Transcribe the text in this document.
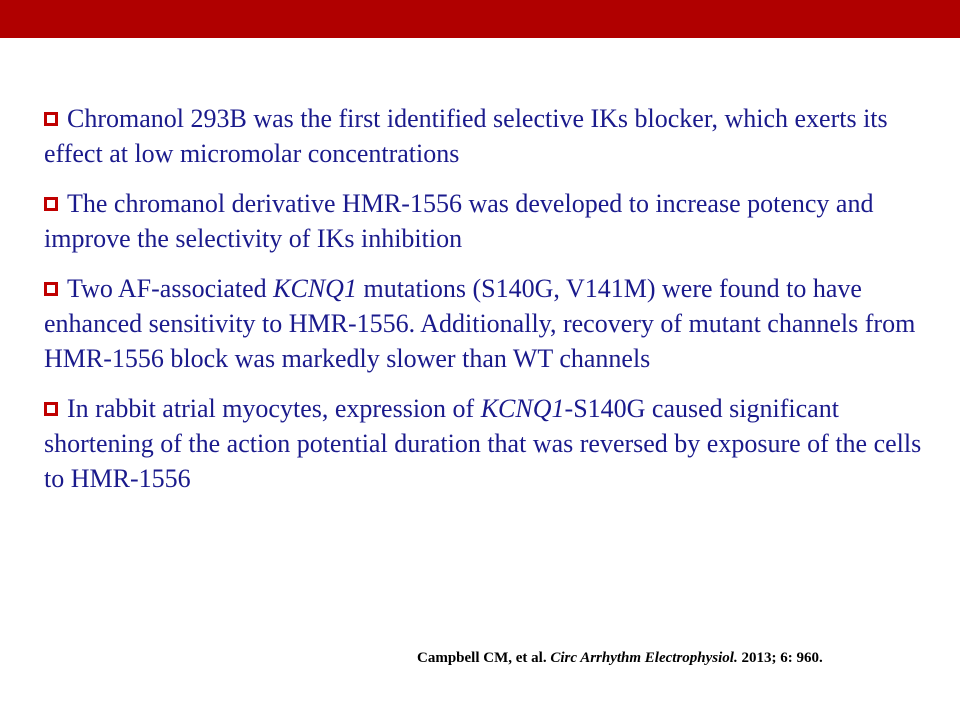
Chromanol 293B was the first identified selective IKs blocker, which exerts its effect at low micromolar concentrations
The chromanol derivative HMR-1556 was developed to increase potency and improve the selectivity of IKs inhibition
Two AF-associated KCNQ1 mutations (S140G, V141M) were found to have enhanced sensitivity to HMR-1556. Additionally, recovery of mutant channels from HMR-1556 block was markedly slower than WT channels
In rabbit atrial myocytes, expression of KCNQ1-S140G caused significant shortening of the action potential duration that was reversed by exposure of the cells to HMR-1556
Campbell CM, et al. Circ Arrhythm Electrophysiol. 2013; 6: 960.
